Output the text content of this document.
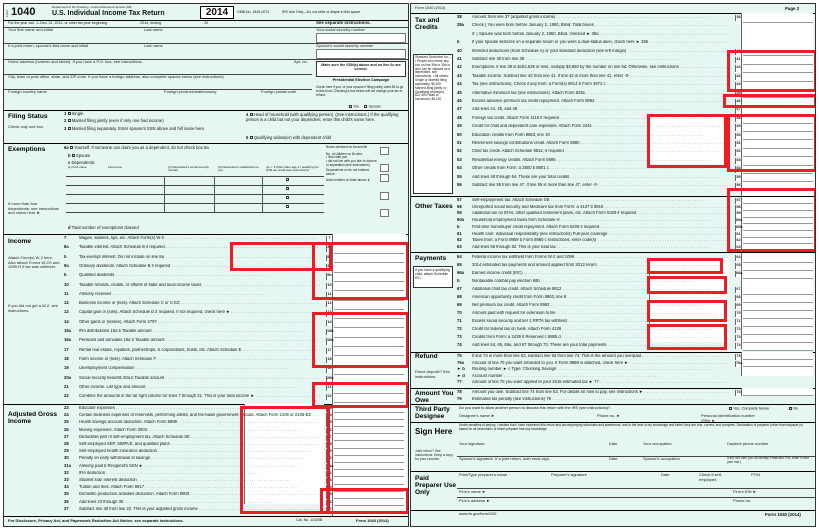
Form 1040	Department of the Treasury—Internal Revenue Service (99)
U.S. Individual Income Tax Return	2014	OMB No. 1545-0074	IRS Use Only—Do not write or staple in this space.
For the year Jan. 1–Dec. 31, 2014, or other tax year beginning	, 2014, ending	, 20	See separate instructions.
Your first name and initial	Last name	Your social security number
If a joint return, spouse's first name and initial	Last name	Spouse's social security number
Home address (number and street). If you have a P.O. box, see instructions.	Apt. no.
Make sure the SSN(s) above and on line 6c are correct.
City, town or post office, state, and ZIP code. If you have a foreign address, also complete spaces below (see instructions).
Presidential Election Campaign
Check here if you, or your spouse if filing jointly, want $3 to go to this fund. Checking a box below will not change your tax or refund.
You	Spouse
Foreign country name	Foreign province/state/county	Foreign postal code
Filing Status
Check only one box.
1 Single
2 Married filing jointly (even if only one had income)
3 Married filing separately. Enter spouse's SSN above and full name here.
4 Head of household (with qualifying person). (See instructions.) If the qualifying person is a child but not your dependent, enter this child's name here.
5 Qualifying widow(er) with dependent child
Exemptions	6a Yourself. If someone can claim you as a dependent, do not check box 6a
b Spouse
c Dependents:
(1) First name	Last name	(2) Dependent's social security number
(3) Dependent's relationship to you
(4) ✓ if child under age 17 qualifying for child tax credit (see instructions)
If more than four dependents, see instructions and check here ►
Boxes checked on 6a and 6b
No. of children on 6c who:
• lived with you
• did not live with you due to divorce or separation (see instructions)
Dependents on 6c not entered above
Add numbers on lines above ►
d Total number of exemptions claimed
Income
Attach Form(s) W-2 here. Also attach Forms W-2G and 1099-R if tax was withheld.
If you did not get a W-2, see instructions.
7	Wages, salaries, tips, etc. Attach Form(s) W-2 . . .	7
8a	Taxable interest. Attach Schedule B if required . . .	8a
b	Tax-exempt interest. Do not include on line 8a . . .	8b
9a	Ordinary dividends. Attach Schedule B if required . . .	9a
b	Qualified dividends . . .	9b
10	Taxable refunds, credits, or offsets of state and local income taxes . . .	10
11	Alimony received . . .	11
12	Business income or (loss). Attach Schedule C or C-EZ . . .	12
13	Capital gain or (loss). Attach Schedule D if required. If not required, check here ► . . .	13
14	Other gains or (losses). Attach Form 4797 . . .	14
15a	IRA distributions 15a b Taxable amount . . .	15b
16a	Pensions and annuities 16a b Taxable amount . . .	16b
17	Rental real estate, royalties, partnerships, S corporations, trusts, etc. Attach Schedule E . . .	17
18	Farm income or (loss). Attach Schedule F . . .	18
19	Unemployment compensation . . .	19
20a	Social security benefits 20a b Taxable amount . . .	20b
21	Other income. List type and amount . . .	21
22	Combine the amounts in the far right column for lines 7 through 21. This is your total income ► . . .	22
Adjusted Gross Income
23	Educator expenses . . .	23
24	Certain business expenses of reservists, performing artists, and fee-basis government officials. Attach Form 2106 or 2106-EZ . . .	24
25	Health savings account deduction. Attach Form 8889 . . .	25
26	Moving expenses. Attach Form 3903 . . .	26
27	Deductible part of self-employment tax. Attach Schedule SE . . .	27
28	Self-employed SEP, SIMPLE, and qualified plans . . .	28
29	Self-employed health insurance deduction . . .	29
30	Penalty on early withdrawal of savings . . .	30
31a	Alimony paid b Recipient's SSN ► . . .	31a
32	IRA deduction . . .	32
33	Student loan interest deduction . . .	33
34	Tuition and fees. Attach Form 8917 . . .	34
35	Domestic production activities deduction. Attach Form 8903 . . .	35
36	Add lines 23 through 35 . . .	36
37	Subtract line 36 from line 22. This is your adjusted gross income . . .	37
For Disclosure, Privacy Act, and Paperwork Reduction Act Notice, see separate instructions.	Cat. No. 11320B	Form 1040 (2014)
Form 1040 (2014)	Page 2
Tax and Credits
Standard Deduction for— • People who check any box on line 39a or 39b or who can be claimed as a dependent, see instructions. • All others: Single or Married filing separately, $6,200 Married filing jointly or Qualifying widow(er), $12,400 Head of household, $9,100
38	Amount from line 37 (adjusted gross income) . . .	38
39a	Check { You were born before January 2, 1950, Blind. Total boxes . . .
if: { Spouse was born before January 2, 1950, Blind. checked ► 39a . . .
b	If your spouse itemizes on a separate return or you were a dual-status alien, check here ► 39b . . .
40	Itemized deductions (from Schedule A) or your standard deduction (see left margin) . . .	40
41	Subtract line 40 from line 38 . . .	41
42	Exemptions. If line 38 is $152,525 or less, multiply $3,950 by the number on line 6d. Otherwise, see instructions . . .	42
43	Taxable income. Subtract line 42 from line 41. If line 42 is more than line 41, enter -0- . . .	43
44	Tax (see instructions). Check if any from: a Form(s) 8814 b Form 4972 c . . .	44
45	Alternative minimum tax (see instructions). Attach Form 6251 . . .	45
46	Excess advance premium tax credit repayment. Attach Form 8962 . . .	46
47	Add lines 44, 45, and 46 . . .	47
48	Foreign tax credit. Attach Form 1116 if required . . .	48
49	Credit for child and dependent care expenses. Attach Form 2441 . . .	49
50	Education credits from Form 8863, line 19 . . .	50
51	Retirement savings contributions credit. Attach Form 8880 . . .	51
52	Child tax credit. Attach Schedule 8812, if required . . .	52
53	Residential energy credits. Attach Form 5695 . . .	53
54	Other credits from Form: a 3800 b 8801 c . . .	54
55	Add lines 48 through 54. These are your total credits . . .	55
56	Subtract line 55 from line 47. If line 55 is more than line 47, enter -0- . . .	56
Other Taxes
57	Self-employment tax. Attach Schedule SE . . .	57
58	Unreported social security and Medicare tax from Form: a 4137 b 8919 . . .	58
59	Additional tax on IRAs, other qualified retirement plans, etc. Attach Form 5329 if required . . .	59
60a	Household employment taxes from Schedule H . . .	60a
b	First-time homebuyer credit repayment. Attach Form 5405 if required . . .	60b
61	Health care: individual responsibility (see instructions) Full-year coverage . . .	61
62	Taxes from: a Form 8959 b Form 8960 c Instructions; enter code(s) . . .	62
63	Add lines 56 through 62. This is your total tax . . .	63
Payments
If you have a qualifying child, attach Schedule EIC.
64	Federal income tax withheld from Forms W-2 and 1099 . . .	64
65	2014 estimated tax payments and amount applied from 2013 return . . .	65
66a	Earned income credit (EIC) . . .	66a
b	Nontaxable combat pay election 66b . . .
67	Additional child tax credit. Attach Schedule 8812 . . .	67
68	American opportunity credit from Form 8863, line 8 . . .	68
69	Net premium tax credit. Attach Form 8962 . . .	69
70	Amount paid with request for extension to file . . .	70
71	Excess social security and tier 1 RRTA tax withheld . . .	71
72	Credit for federal tax on fuels. Attach Form 4136 . . .	72
73	Credits from Form: a 2439 b Reserved c 8885 d . . .	73
74	Add lines 64, 65, 66a, and 67 through 73. These are your total payments . . .	74
Refund
Direct deposit? See instructions.
75	If line 74 is more than line 63, subtract line 63 from line 74. This is the amount you overpaid . . .	75
76a	Amount of line 75 you want refunded to you. If Form 8888 is attached, check here ► . . .	76a
► b	Routing number ► c Type: Checking Savings . . .
► d	Account number . . .
77	Amount of line 75 you want applied to your 2015 estimated tax ► 77 . . .
Amount You Owe
78	Amount you owe. Subtract line 74 from line 63. For details on how to pay, see instructions ► . . .	78
79	Estimated tax penalty (see instructions) 79 . . .
Third Party Designee
Do you want to allow another person to discuss this return with the IRS (see instructions)?	Yes. Complete below.	No
Designee's name ►	Phone no. ►	Personal identification number (PIN) ►
Sign Here
Joint return? See instructions. Keep a copy for your records.
Under penalties of perjury, I declare that I have examined this return and accompanying schedules and statements, and to the best of my knowledge and belief, they are true, correct, and complete. Declaration of preparer (other than taxpayer) is based on all information of which preparer has any knowledge.
Your signature	Date	Your occupation	Daytime phone number
Spouse's signature. If a joint return, both must sign.	Date	Spouse's occupation	If the IRS sent you an Identity Protection PIN, enter it here (see inst.)
Paid Preparer Use Only
Print/Type preparer's name	Preparer's signature	Date	Check if self-employed
PTIN
Firm's name ►	Firm's EIN ►
Firm's address ►	Phone no.
www.irs.gov/form1040	Form 1040 (2014)
